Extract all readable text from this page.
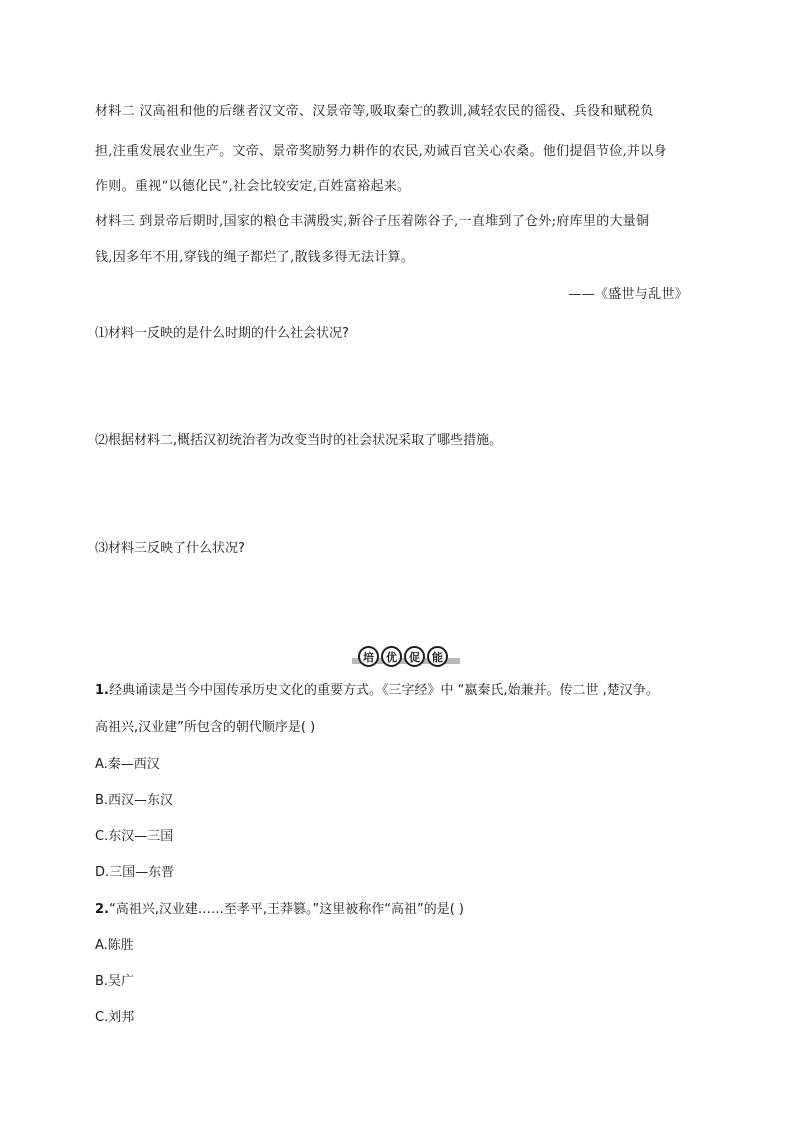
材料二 汉高祖和他的后继者汉文帝、汉景帝等,吸取秦亡的教训,减轻农民的徭役、兵役和赋税负
担,注重发展农业生产。文帝、景帝奖励努力耕作的农民,劝诫百官关心农桑。他们提倡节俭,并以身
作则。重视“以德化民”,社会比较安定,百姓富裕起来。
材料三 到景帝后期时,国家的粮仓丰满殷实,新谷子压着陈谷子,一直堆到了仓外;府库里的大量铜
钱,因多年不用,穿钱的绳子都烂了,散钱多得无法计算。
——《盛世与乱世》
⑴材料一反映的是什么时期的什么社会状况?
⑵根据材料二,概括汉初统治者为改变当时的社会状况采取了哪些措施。
⑶材料三反映了什么状况?
培	优	促	能
1.经典诵读是当今中国传承历史文化的重要方式。《三字经》中 “嬴秦氏,始兼并。传二世 ,楚汉争。
高祖兴,汉业建”所包含的朝代顺序是( )
A.秦—西汉
B.西汉—东汉
C.东汉—三国
D.三国—东晋
2.“高祖兴,汉业建……至孝平,王莽篡。”这里被称作“高祖”的是( )
A.陈胜
B.吴广
C.刘邦
